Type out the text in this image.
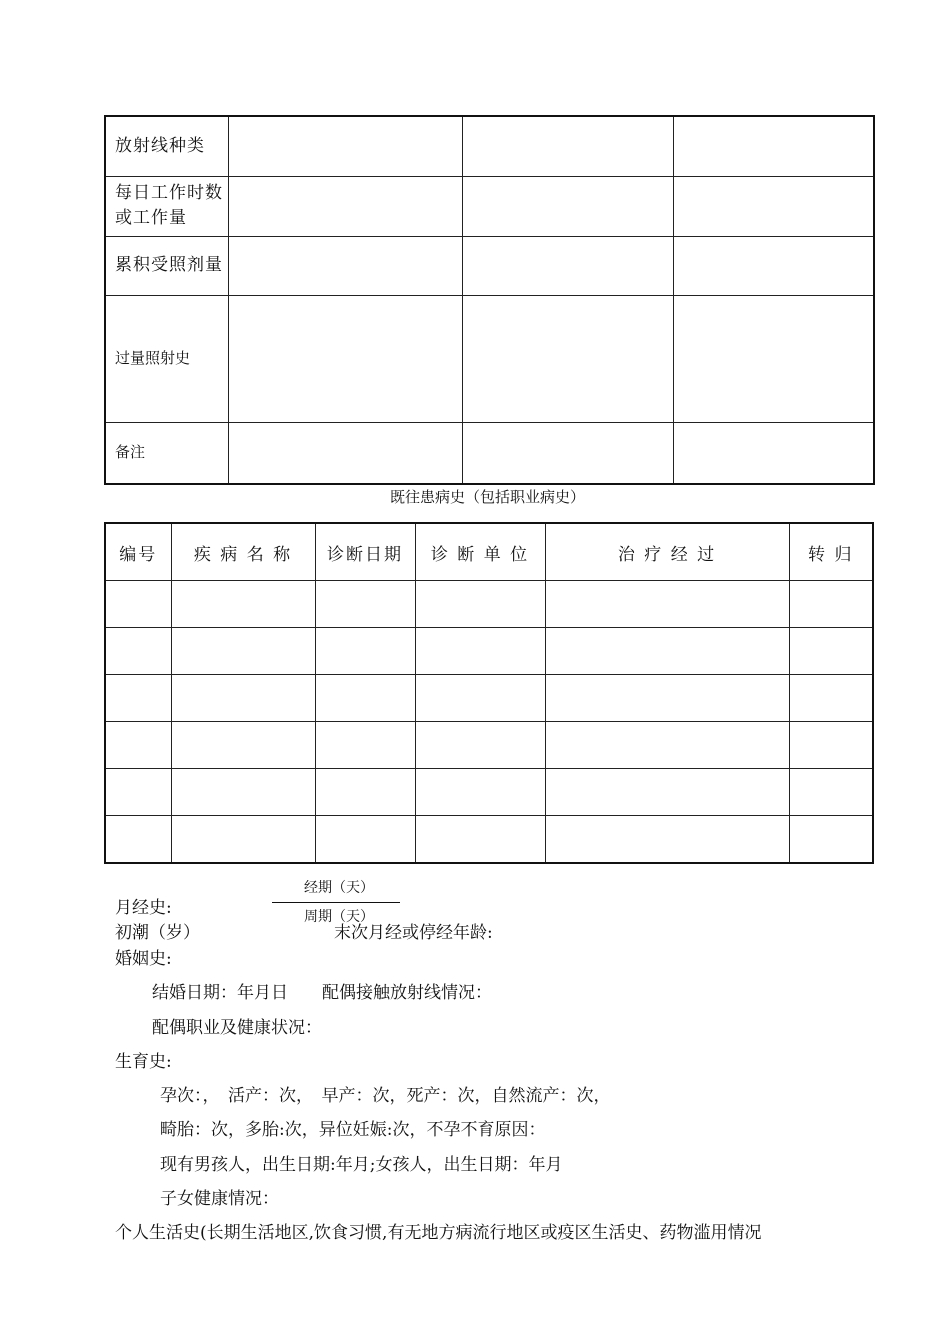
放射线种类			
每日工作时数或工作量			
累积受照剂量			
过量照射史			
备注			
既往患病史（包括职业病史）
编号	疾 病 名 称	诊断日期	诊 断 单 位	治 疗 经 过	转 归

经期（天）
月经史:	周期（天）
初潮（岁）	末次月经或停经年龄:
婚姻史:
结婚日期：年月日　　配偶接触放射线情况：
配偶职业及健康状况：
生育史:
孕次：，　活产：次，　早产：次，死产：次，自然流产：次，
畸胎：次，多胎:次，异位妊娠:次，不孕不育原因：
现有男孩人，出生日期:年月;女孩人，出生日期：年月
子女健康情况：
个人生活史(长期生活地区,饮食习惯,有无地方病流行地区或疫区生活史、药物滥用情况
